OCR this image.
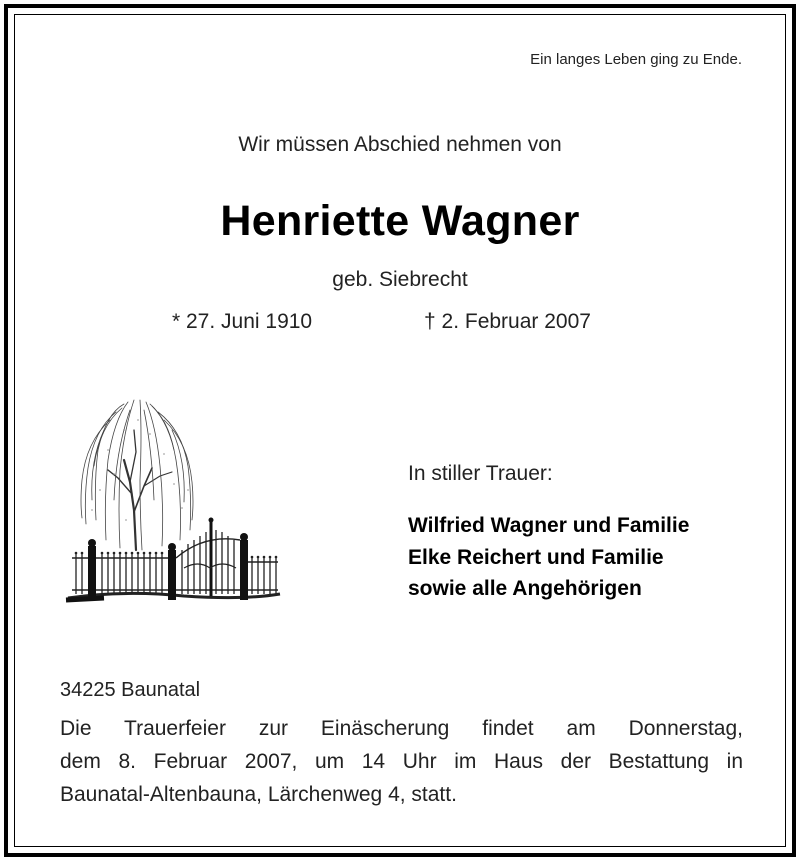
Ein langes Leben ging zu Ende.
Wir müssen Abschied nehmen von
Henriette Wagner
geb. Siebrecht
* 27. Juni 1910	† 2. Februar 2007
In stiller Trauer:
Wilfried Wagner und Familie
Elke Reichert und Familie
sowie alle Angehörigen
34225 Baunatal
Die Trauerfeier zur Einäscherung findet am Donnerstag,
dem 8. Februar 2007, um 14 Uhr im Haus der Bestattung in
Baunatal-Altenbauna, Lärchenweg 4, statt.
